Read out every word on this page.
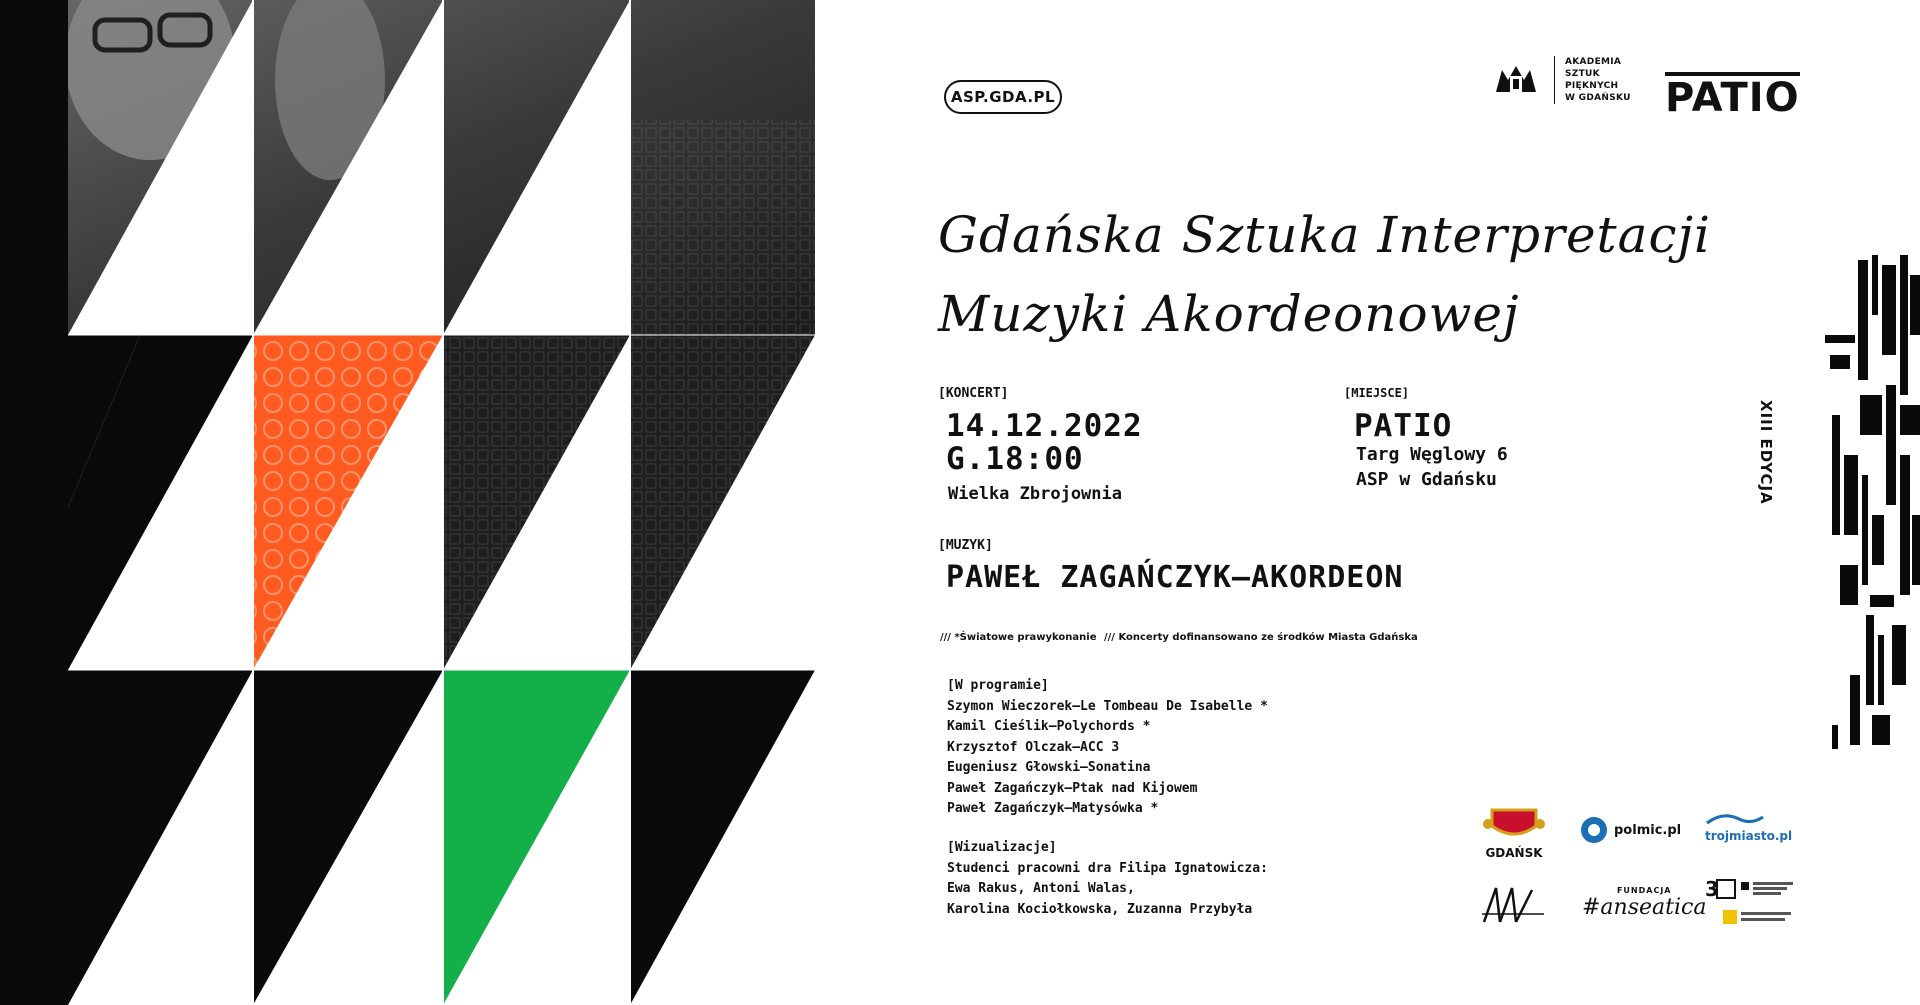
ASP.GDA.PL
AKADEMIA
SZTUK
PIĘKNYCH
W GDAŃSKU PATIO
Gdańska Sztuka Interpretacji
Muzyki Akordeonowej
[KONCERT]
14.12.2022
G.18:00
Wielka Zbrojownia
[MIEJSCE]
PATIO
Targ Węglowy 6
ASP w Gdańsku
[MUZYK]
PAWEŁ ZAGAŃCZYK–AKORDEON
/// *Światowe prawykonanie /// Koncerty dofinansowano ze środków Miasta Gdańska
[W programie]
Szymon Wieczorek–Le Tombeau De Isabelle *
Kamil Cieślik–Polychords *
Krzysztof Olczak–ACC 3
Eugeniusz Głowski–Sonatina
Paweł Zagańczyk–Ptak nad Kijowem
Paweł Zagańczyk–Matysówka *
[Wizualizacje]
Studenci pracowni dra Filipa Ignatowicza:
Ewa Rakus, Antoni Walas,
Karolina Kociołkowska, Zuzanna Przybyła
XIII EDYCJA
GDAŃSK
polmic.pl trojmiasto.pl
FUNDACJA
#anseatica
3
